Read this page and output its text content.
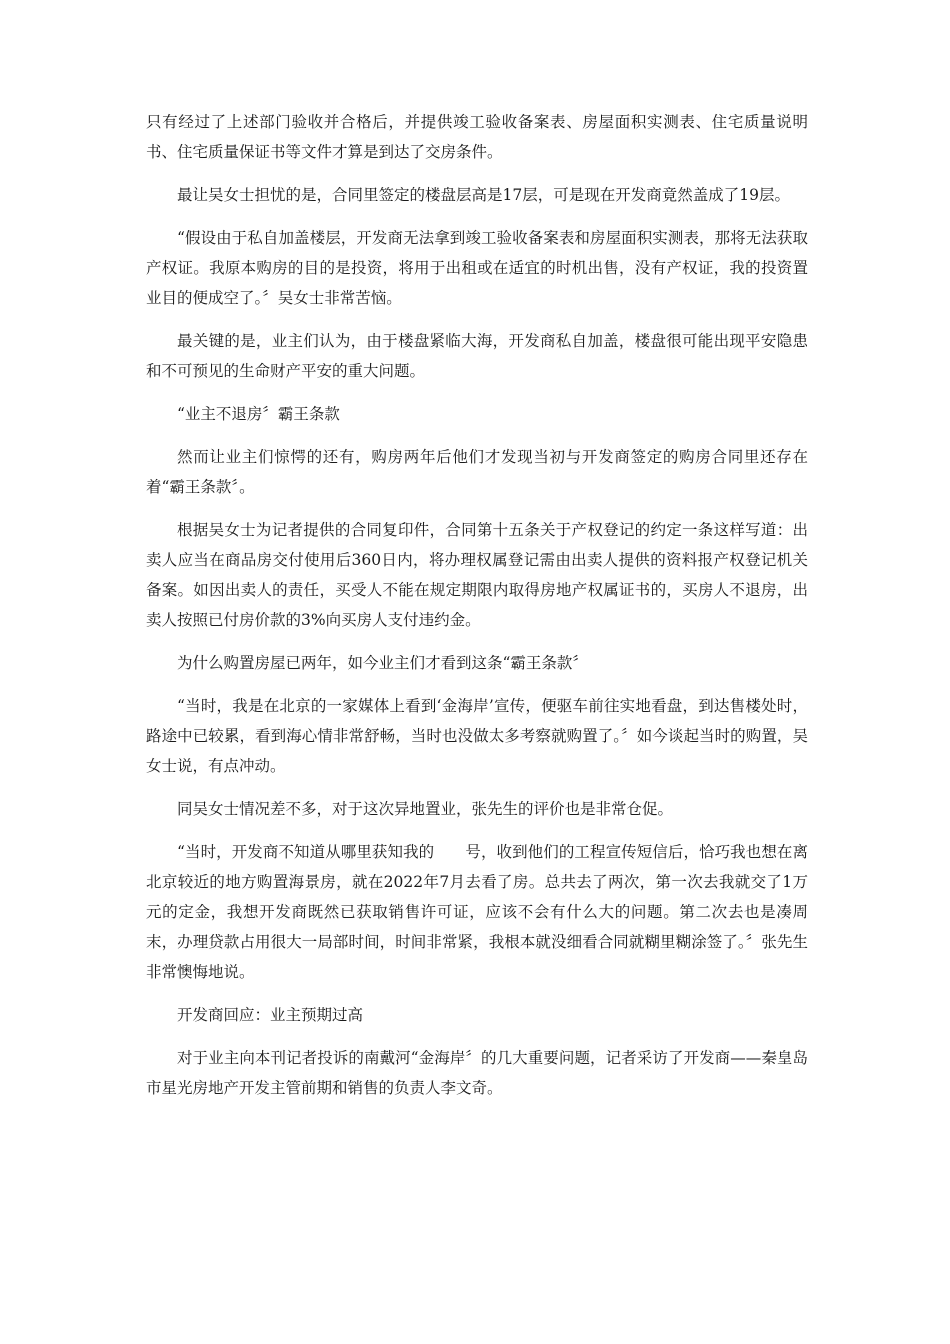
只有经过了上述部门验收并合格后，并提供竣工验收备案表、房屋面积实测表、住宅质量说明书、住宅质量保证书等文件才算是到达了交房条件。

最让吴女士担忧的是，合同里签定的楼盘层高是17层，可是现在开发商竟然盖成了19层。

“假设由于私自加盖楼层，开发商无法拿到竣工验收备案表和房屋面积实测表，那将无法获取产权证。我原本购房的目的是投资，将用于出租或在适宜的时机出售，没有产权证，我的投资置业目的便成空了。〞吴女士非常苦恼。

最关键的是，业主们认为，由于楼盘紧临大海，开发商私自加盖，楼盘很可能出现平安隐患和不可预见的生命财产平安的重大问题。

“业主不退房〞霸王条款

然而让业主们惊愕的还有，购房两年后他们才发现当初与开发商签定的购房合同里还存在着“霸王条款〞。

根据吴女士为记者提供的合同复印件，合同第十五条关于产权登记的约定一条这样写道：出卖人应当在商品房交付使用后360日内，将办理权属登记需由出卖人提供的资料报产权登记机关备案。如因出卖人的责任，买受人不能在规定期限内取得房地产权属证书的，买房人不退房，出卖人按照已付房价款的3%向买房人支付违约金。

为什么购置房屋已两年，如今业主们才看到这条“霸王条款〞

“当时，我是在北京的一家媒体上看到‘金海岸’宣传，便驱车前往实地看盘，到达售楼处时，路途中已较累，看到海心情非常舒畅，当时也没做太多考察就购置了。〞如今谈起当时的购置，吴女士说，有点冲动。

同吴女士情况差不多，对于这次异地置业，张先生的评价也是非常仓促。

“当时，开发商不知道从哪里获知我的　　号，收到他们的工程宣传短信后，恰巧我也想在离北京较近的地方购置海景房，就在2022年7月去看了房。总共去了两次，第一次去我就交了1万元的定金，我想开发商既然已获取销售许可证，应该不会有什么大的问题。第二次去也是凑周末，办理贷款占用很大一局部时间，时间非常紧，我根本就没细看合同就糊里糊涂签了。〞张先生非常懊悔地说。

开发商回应：业主预期过高

对于业主向本刊记者投诉的南戴河“金海岸〞的几大重要问题，记者采访了开发商——秦皇岛市星光房地产开发主管前期和销售的负责人李文奇。
